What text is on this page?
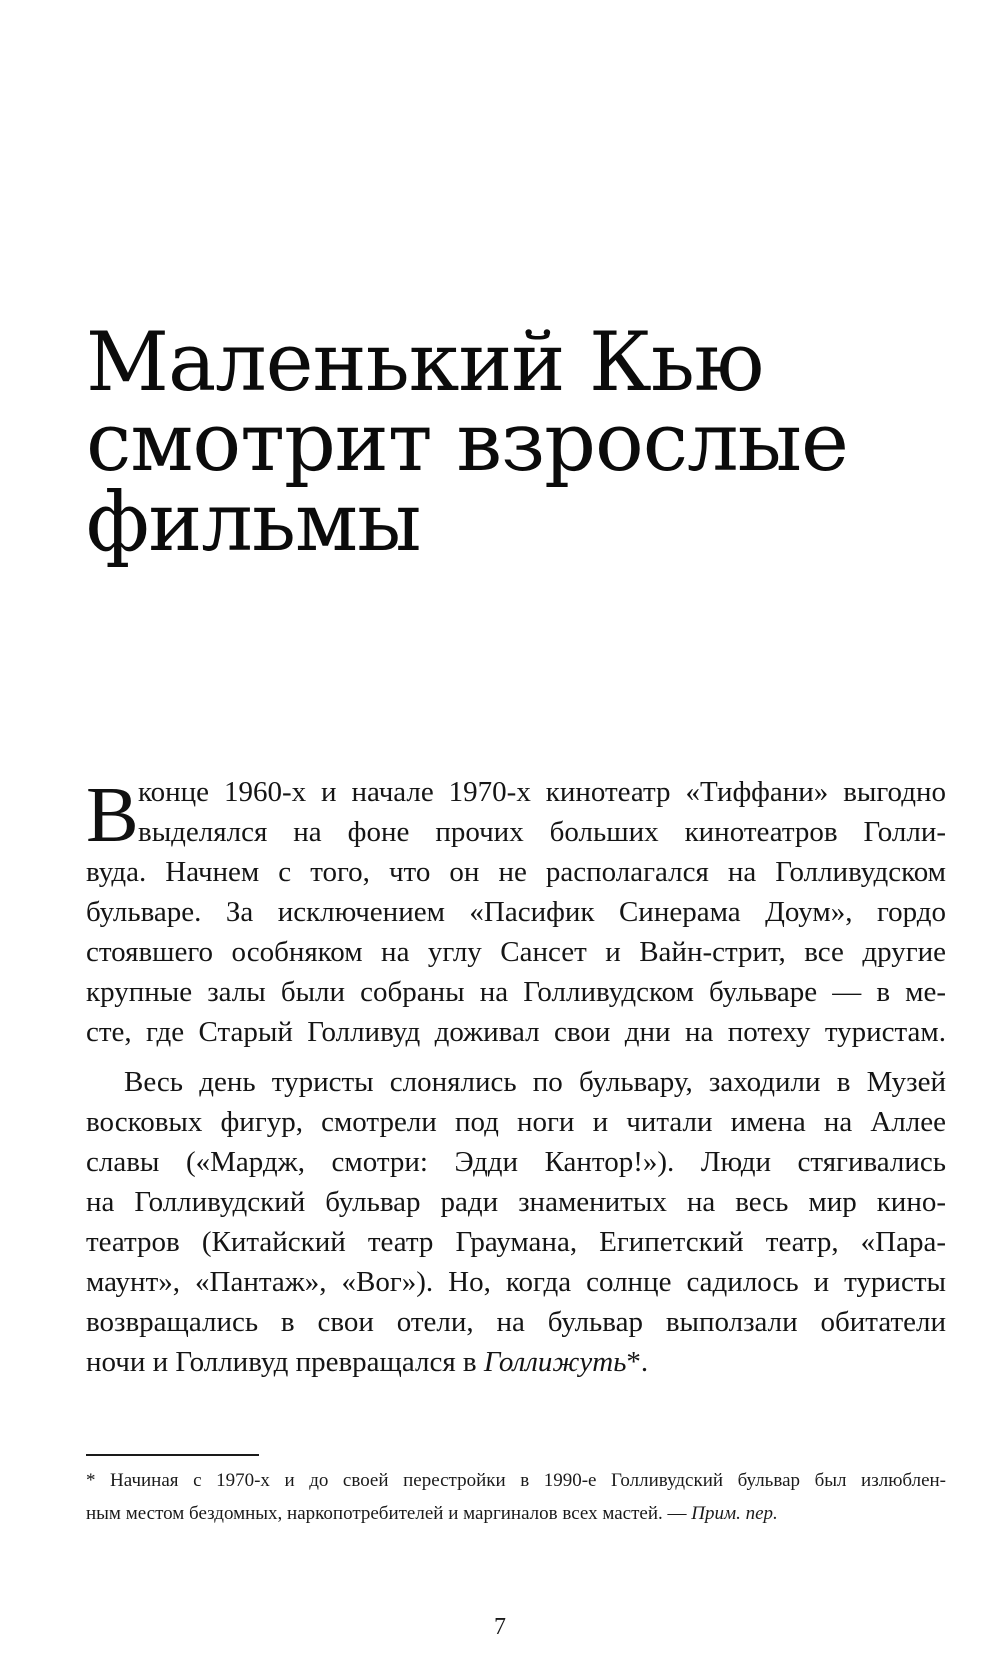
Маленький Кью
смотрит взрослые
фильмы
В конце 1960-х и начале 1970-х кинотеатр «Тиффани» выгодно
выделялся на фоне прочих больших кинотеатров Голли-
вуда. Начнем с того, что он не располагался на Голливудском
бульваре. За исключением «Пасифик Синерама Доум», гордо
стоявшего особняком на углу Сансет и Вайн-стрит, все другие
крупные залы были собраны на Голливудском бульваре — в ме-
сте, где Старый Голливуд доживал свои дни на потеху туристам.
Весь день туристы слонялись по бульвару, заходили в Музей
восковых фигур, смотрели под ноги и читали имена на Аллее
славы («Мардж, смотри: Эдди Кантор!»). Люди стягивались
на Голливудский бульвар ради знаменитых на весь мир кино-
театров (Китайский театр Граумана, Египетский театр, «Пара-
маунт», «Пантаж», «Вог»). Но, когда солнце садилось и туристы
возвращались в свои отели, на бульвар выползали обитатели
ночи и Голливуд превращался в Голлижуть*.
* Начиная с 1970-х и до своей перестройки в 1990-е Голливудский бульвар был излюблен-
ным местом бездомных, наркопотребителей и маргиналов всех мастей. — Прим. пер.
7
